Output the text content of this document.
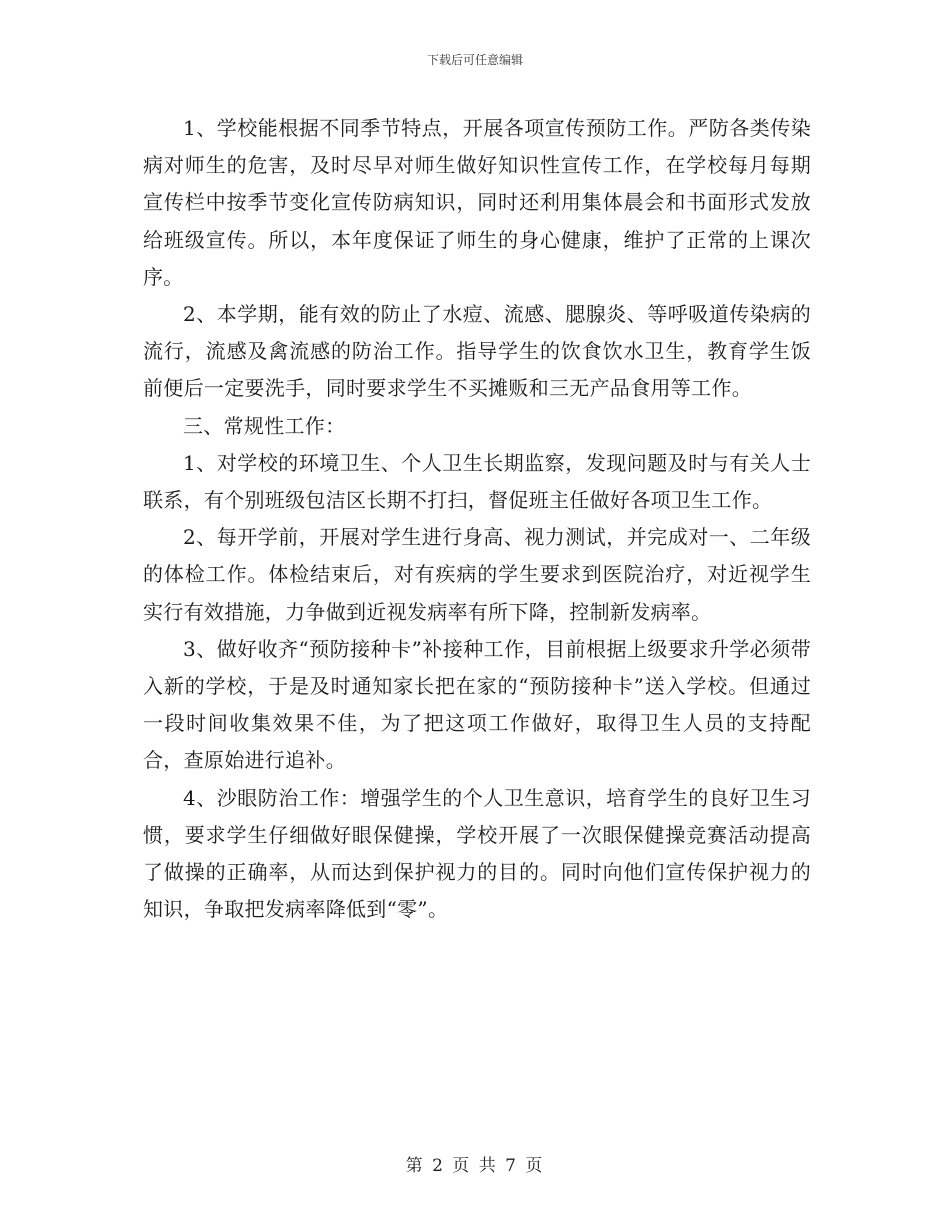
下载后可任意编辑

1、学校能根据不同季节特点，开展各项宣传预防工作。严防各类传染病对师生的危害，及时尽早对师生做好知识性宣传工作，在学校每月每期宣传栏中按季节变化宣传防病知识，同时还利用集体晨会和书面形式发放给班级宣传。所以，本年度保证了师生的身心健康，维护了正常的上课次序。

2、本学期，能有效的防止了水痘、流感、腮腺炎、等呼吸道传染病的流行，流感及禽流感的防治工作。指导学生的饮食饮水卫生，教育学生饭前便后一定要洗手，同时要求学生不买摊贩和三无产品食用等工作。

三、常规性工作：

1、对学校的环境卫生、个人卫生长期监察，发现问题及时与有关人士联系，有个别班级包洁区长期不打扫，督促班主任做好各项卫生工作。

2、每开学前，开展对学生进行身高、视力测试，并完成对一、二年级的体检工作。体检结束后，对有疾病的学生要求到医院治疗，对近视学生实行有效措施，力争做到近视发病率有所下降，控制新发病率。

3、做好收齐“预防接种卡”补接种工作，目前根据上级要求升学必须带入新的学校，于是及时通知家长把在家的“预防接种卡”送入学校。但通过一段时间收集效果不佳，为了把这项工作做好，取得卫生人员的支持配合，查原始进行追补。

4、沙眼防治工作：增强学生的个人卫生意识，培育学生的良好卫生习惯，要求学生仔细做好眼保健操，学校开展了一次眼保健操竞赛活动提高了做操的正确率，从而达到保护视力的目的。同时向他们宣传保护视力的知识，争取把发病率降低到“零”。

第 2 页 共 7 页
